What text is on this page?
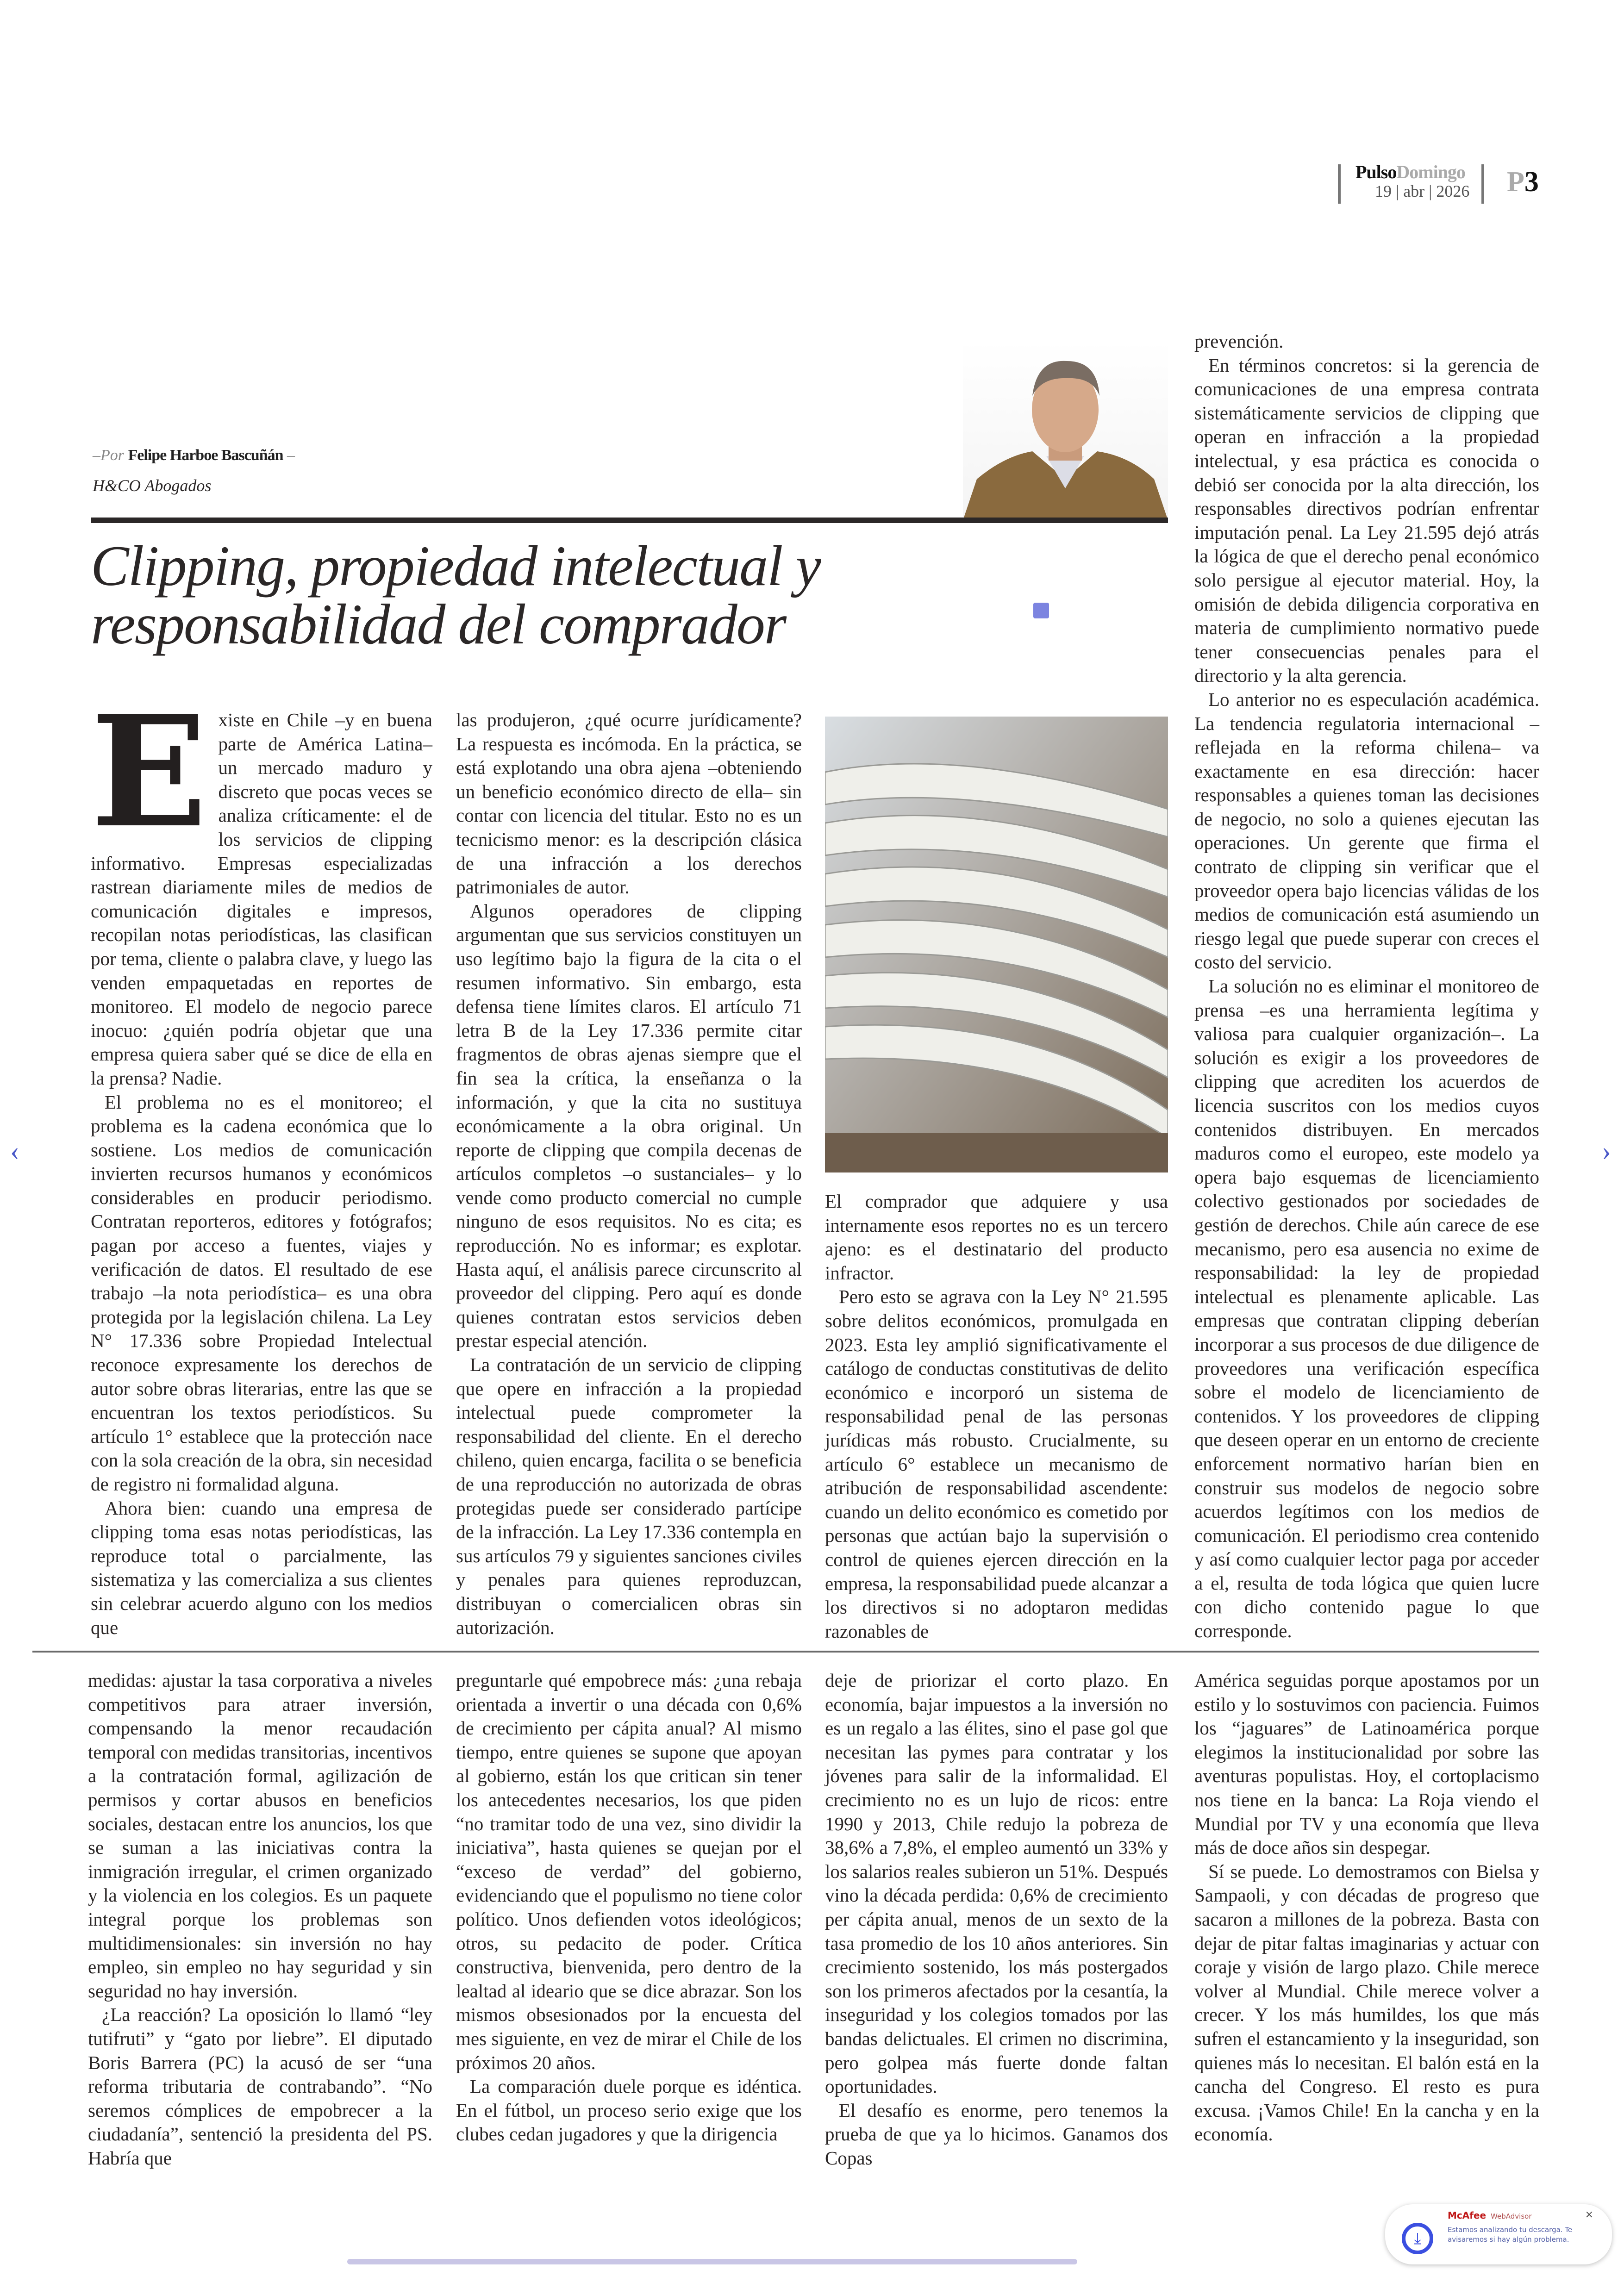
PulsoDomingo
19 | abr | 2026 P3
–Por Felipe Harboe Bascuñán –
H&CO Abogados
Clipping, propiedad intelectual y responsabilidad del comprador

Existe en Chile –y en buena parte de América Latina– un mercado maduro y discreto que pocas veces se analiza críticamente: el de los servicios de clipping informativo. Empresas especializadas rastrean diariamente miles de medios de comunicación digitales e impresos, recopilan notas periodísticas, las clasifican por tema, cliente o palabra clave, y luego las venden empaquetadas en reportes de monitoreo. El modelo de negocio parece inocuo: ¿quién podría objetar que una empresa quiera saber qué se dice de ella en la prensa? Nadie.

El problema no es el monitoreo; el problema es la cadena económica que lo sostiene. Los medios de comunicación invierten recursos humanos y económicos considerables en producir periodismo. Contratan reporteros, editores y fotógrafos; pagan por acceso a fuentes, viajes y verificación de datos. El resultado de ese trabajo –la nota periodística– es una obra protegida por la legislación chilena. La Ley N° 17.336 sobre Propiedad Intelectual reconoce expresamente los derechos de autor sobre obras literarias, entre las que se encuentran los textos periodísticos. Su artículo 1° establece que la protección nace con la sola creación de la obra, sin necesidad de registro ni formalidad alguna.

Ahora bien: cuando una empresa de clipping toma esas notas periodísticas, las reproduce total o parcialmente, las sistematiza y las comercializa a sus clientes sin celebrar acuerdo alguno con los medios que

las produjeron, ¿qué ocurre jurídicamente? La respuesta es incómoda. En la práctica, se está explotando una obra ajena –obteniendo un beneficio económico directo de ella– sin contar con licencia del titular. Esto no es un tecnicismo menor: es la descripción clásica de una infracción a los derechos patrimoniales de autor.

Algunos operadores de clipping argumentan que sus servicios constituyen un uso legítimo bajo la figura de la cita o el resumen informativo. Sin embargo, esta defensa tiene límites claros. El artículo 71 letra B de la Ley 17.336 permite citar fragmentos de obras ajenas siempre que el fin sea la crítica, la enseñanza o la información, y que la cita no sustituya económicamente a la obra original. Un reporte de clipping que compila decenas de artículos completos –o sustanciales– y lo vende como producto comercial no cumple ninguno de esos requisitos. No es cita; es reproducción. No es informar; es explotar. Hasta aquí, el análisis parece circunscrito al proveedor del clipping. Pero aquí es donde quienes contratan estos servicios deben prestar especial atención.

La contratación de un servicio de clipping que opere en infracción a la propiedad intelectual puede comprometer la responsabilidad del cliente. En el derecho chileno, quien encarga, facilita o se beneficia de una reproducción no autorizada de obras protegidas puede ser considerado partícipe de la infracción. La Ley 17.336 contempla en sus artículos 79 y siguientes sanciones civiles y penales para quienes reproduzcan, distribuyan o comercialicen obras sin autorización.

El comprador que adquiere y usa internamente esos reportes no es un tercero ajeno: es el destinatario del producto infractor.

Pero esto se agrava con la Ley N° 21.595 sobre delitos económicos, promulgada en 2023. Esta ley amplió significativamente el catálogo de conductas constitutivas de delito económico e incorporó un sistema de responsabilidad penal de las personas jurídicas más robusto. Crucialmente, su artículo 6° establece un mecanismo de atribución de responsabilidad ascendente: cuando un delito económico es cometido por personas que actúan bajo la supervisión o control de quienes ejercen dirección en la empresa, la responsabilidad puede alcanzar a los directivos si no adoptaron medidas razonables de

prevención.

En términos concretos: si la gerencia de comunicaciones de una empresa contrata sistemáticamente servicios de clipping que operan en infracción a la propiedad intelectual, y esa práctica es conocida o debió ser conocida por la alta dirección, los responsables directivos podrían enfrentar imputación penal. La Ley 21.595 dejó atrás la lógica de que el derecho penal económico solo persigue al ejecutor material. Hoy, la omisión de debida diligencia corporativa en materia de cumplimiento normativo puede tener consecuencias penales para el directorio y la alta gerencia.

Lo anterior no es especulación académica. La tendencia regulatoria internacional –reflejada en la reforma chilena– va exactamente en esa dirección: hacer responsables a quienes toman las decisiones de negocio, no solo a quienes ejecutan las operaciones. Un gerente que firma el contrato de clipping sin verificar que el proveedor opera bajo licencias válidas de los medios de comunicación está asumiendo un riesgo legal que puede superar con creces el costo del servicio.

La solución no es eliminar el monitoreo de prensa –es una herramienta legítima y valiosa para cualquier organización–. La solución es exigir a los proveedores de clipping que acrediten los acuerdos de licencia suscritos con los medios cuyos contenidos distribuyen. En mercados maduros como el europeo, este modelo ya opera bajo esquemas de licenciamiento colectivo gestionados por sociedades de gestión de derechos. Chile aún carece de ese mecanismo, pero esa ausencia no exime de responsabilidad: la ley de propiedad intelectual es plenamente aplicable. Las empresas que contratan clipping deberían incorporar a sus procesos de due diligence de proveedores una verificación específica sobre el modelo de licenciamiento de contenidos. Y los proveedores de clipping que deseen operar en un entorno de creciente enforcement normativo harían bien en construir sus modelos de negocio sobre acuerdos legítimos con los medios de comunicación. El periodismo crea contenido y así como cualquier lector paga por acceder a el, resulta de toda lógica que quien lucre con dicho contenido pague lo que corresponde.

medidas: ajustar la tasa corporativa a niveles competitivos para atraer inversión, compensando la menor recaudación temporal con medidas transitorias, incentivos a la contratación formal, agilización de permisos y cortar abusos en beneficios sociales, destacan entre los anuncios, los que se suman a las iniciativas contra la inmigración irregular, el crimen organizado y la violencia en los colegios. Es un paquete integral porque los problemas son multidimensionales: sin inversión no hay empleo, sin empleo no hay seguridad y sin seguridad no hay inversión.

¿La reacción? La oposición lo llamó “ley tutifruti” y “gato por liebre”. El diputado Boris Barrera (PC) la acusó de ser “una reforma tributaria de contrabando”. “No seremos cómplices de empobrecer a la ciudadanía”, sentenció la presidenta del PS. Habría que

preguntarle qué empobrece más: ¿una rebaja orientada a invertir o una década con 0,6% de crecimiento per cápita anual? Al mismo tiempo, entre quienes se supone que apoyan al gobierno, están los que critican sin tener los antecedentes necesarios, los que piden “no tramitar todo de una vez, sino dividir la iniciativa”, hasta quienes se quejan por el “exceso de verdad” del gobierno, evidenciando que el populismo no tiene color político. Unos defienden votos ideológicos; otros, su pedacito de poder. Crítica constructiva, bienvenida, pero dentro de la lealtad al ideario que se dice abrazar. Son los mismos obsesionados por la encuesta del mes siguiente, en vez de mirar el Chile de los próximos 20 años.

La comparación duele porque es idéntica. En el fútbol, un proceso serio exige que los clubes cedan jugadores y que la dirigencia

deje de priorizar el corto plazo. En economía, bajar impuestos a la inversión no es un regalo a las élites, sino el pase gol que necesitan las pymes para contratar y los jóvenes para salir de la informalidad. El crecimiento no es un lujo de ricos: entre 1990 y 2013, Chile redujo la pobreza de 38,6% a 7,8%, el empleo aumentó un 33% y los salarios reales subieron un 51%. Después vino la década perdida: 0,6% de crecimiento per cápita anual, menos de un sexto de la tasa promedio de los 10 años anteriores. Sin crecimiento sostenido, los más postergados son los primeros afectados por la cesantía, la inseguridad y los colegios tomados por las bandas delictuales. El crimen no discrimina, pero golpea más fuerte donde faltan oportunidades.

El desafío es enorme, pero tenemos la prueba de que ya lo hicimos. Ganamos dos Copas

América seguidas porque apostamos por un estilo y lo sostuvimos con paciencia. Fuimos los “jaguares” de Latinoamérica porque elegimos la institucionalidad por sobre las aventuras populistas. Hoy, el cortoplacismo nos tiene en la banca: La Roja viendo el Mundial por TV y una economía que lleva más de doce años sin despegar.

Sí se puede. Lo demostramos con Bielsa y Sampaoli, y con décadas de progreso que sacaron a millones de la pobreza. Basta con dejar de pitar faltas imaginarias y actuar con coraje y visión de largo plazo. Chile merece volver al Mundial. Chile merece volver a crecer. Y los más humildes, los que más sufren el estancamiento y la inseguridad, son quienes más lo necesitan. El balón está en la cancha del Congreso. El resto es pura excusa. ¡Vamos Chile! En la cancha y en la economía.

‹	›
⤓
McAfee WebAdvisor	×
Estamos analizando tu descarga. Te avisaremos si hay algún problema.
